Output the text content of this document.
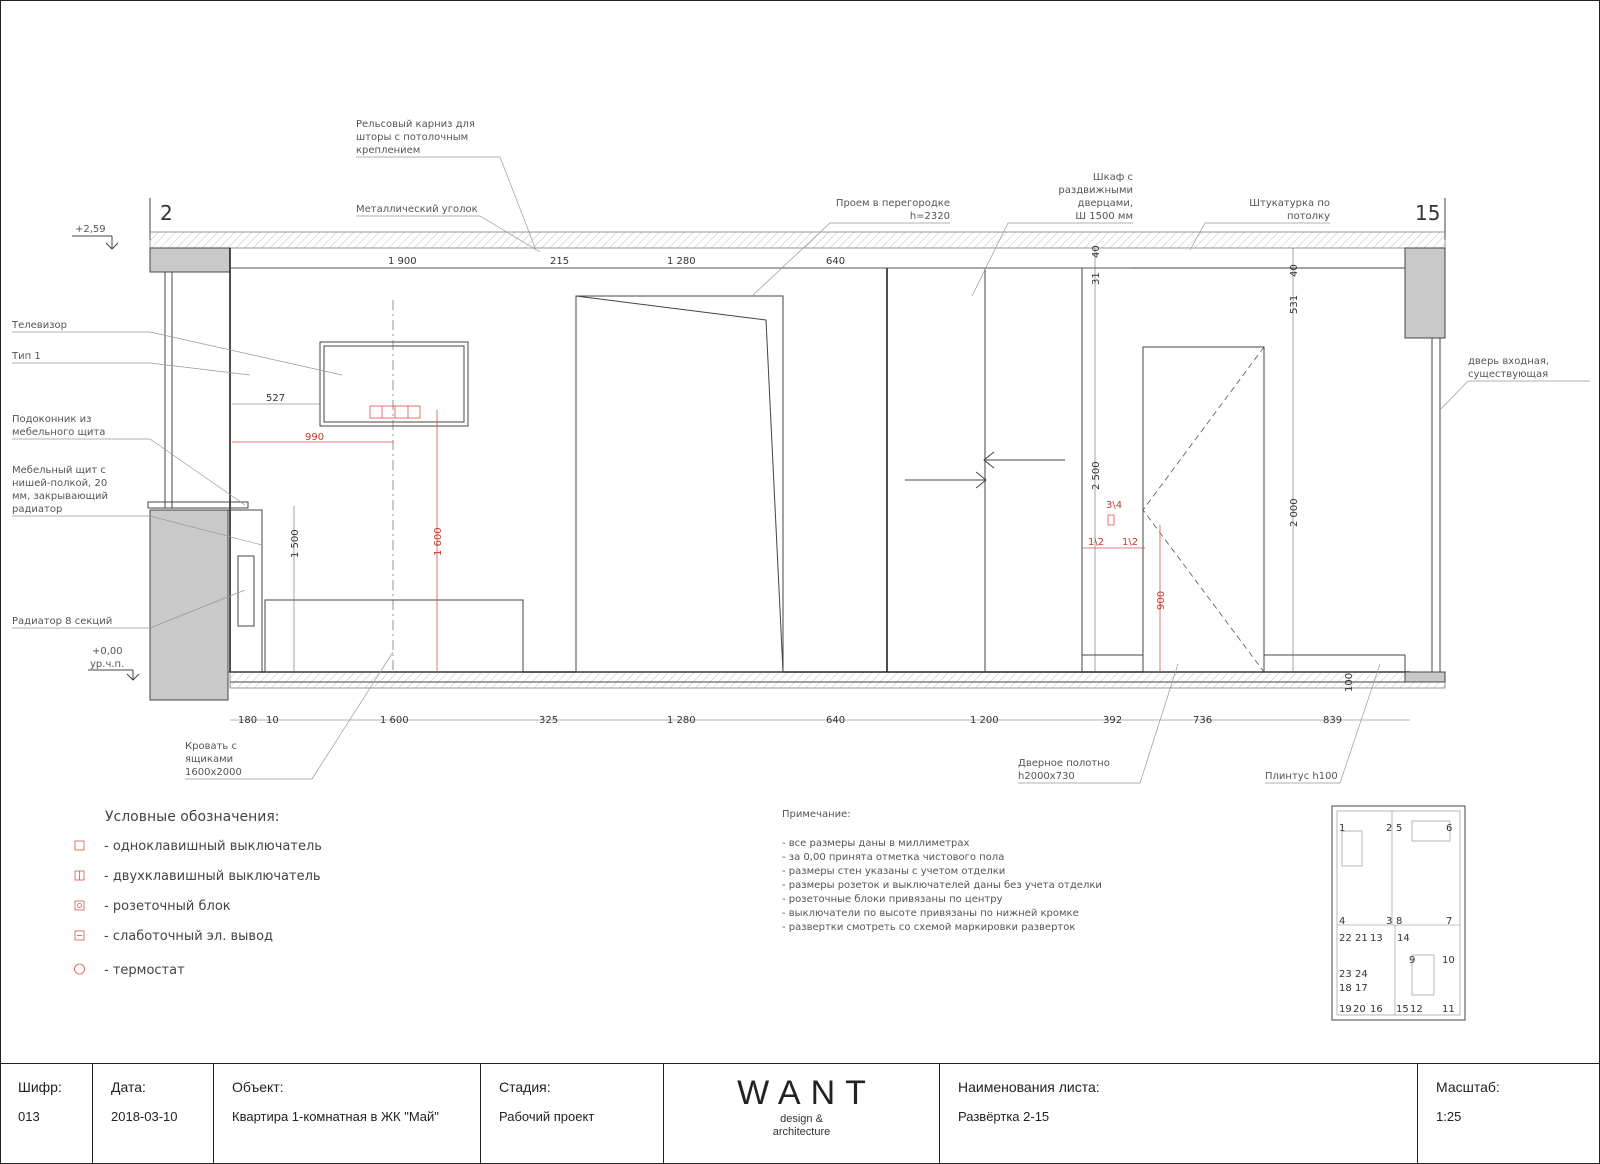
2	15
+2,59
+0,00
ур.ч.п.
1 900	215	1 280	640
180 10	1 600	325	1 280	640	1 200	392	736	839
40
31
2 500
40
531
2 000
1 500
100
990
1 600
900
3\4
1\2 1\2
527
Рельсовый карниз для
шторы с потолочным
креплением
Металлический уголок
Проем в перегородке
h=2320
Шкаф с
раздвижными
дверцами,
Ш 1500 мм
Штукатурка по
потолку
Телевизор
Тип 1
Подоконник из
мебельного щита
Мебельный щит с
нишей-полкой, 20
мм, закрывающий
радиатор
Радиатор 8 секций
дверь входная,
существующая
Кровать с
ящиками
1600x2000
Дверное полотно
h2000x730	Плинтус h100
Условные обозначения:
- одноклавишный выключатель
- двухклавишный выключатель
- розеточный блок
- слаботочный эл. вывод
- термостат
Примечание:
- все размеры даны в миллиметрах
- за 0,00 принята отметка чистового пола
- размеры стен указаны с учетом отделки
- размеры розеток и выключателей даны без учета отделки
- розеточные блоки привязаны по центру
- выключатели по высоте привязаны по нижней кромке
- развертки смотреть со схемой маркировки разверток
1	2 5	6
4	3 8	7
22 21 13 14
9	10
23 24
18 17
19 20 16 15 12 11
Шифр:
013
Дата:
2018-03-10
Объект:
Квартира 1-комнатная в ЖК "Май"
Стадия:
Рабочий проект
WANT
design &
architecture
Наименования листа:
Развёртка 2-15
Масштаб:
1:25
